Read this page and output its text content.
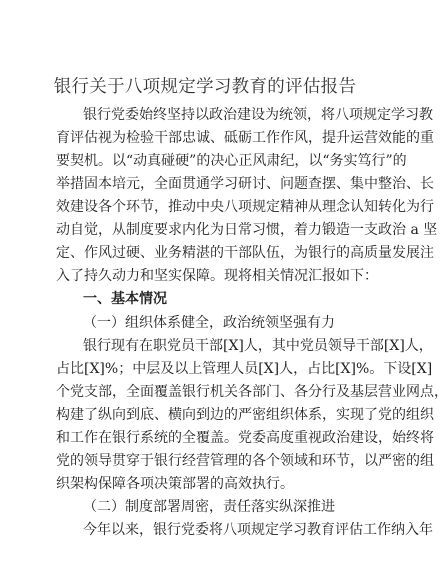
银行关于八项规定学习教育的评估报告
银行党委始终坚持以政治建设为统领，将八项规定学习教
育评估视为检验干部忠诚、砥砺工作作风，提升运营效能的重
要契机。以“动真碰硬”的决心正风肃纪，以“务实笃行”的
举措固本培元，全面贯通学习研讨、问题查摆、集中整治、长
效建设各个环节，推动中央八项规定精神从理念认知转化为行
动自觉，从制度要求内化为日常习惯，着力锻造一支政治 a 坚
定、作风过硬、业务精湛的干部队伍，为银行的高质量发展注
入了持久动力和坚实保障。现将相关情况汇报如下：
一、基本情况
（一）组织体系健全，政治统领坚强有力
银行现有在职党员干部[X]人，其中党员领导干部[X]人，
占比[X]%；中层及以上管理人员[X]人，占比[X]%。下设[X]
个党支部，全面覆盖银行机关各部门、各分行及基层营业网点，
构建了纵向到底、横向到边的严密组织体系，实现了党的组织
和工作在银行系统的全覆盖。党委高度重视政治建设，始终将
党的领导贯穿于银行经营管理的各个领域和环节，以严密的组
织架构保障各项决策部署的高效执行。
（二）制度部署周密，责任落实纵深推进
今年以来，银行党委将八项规定学习教育评估工作纳入年
